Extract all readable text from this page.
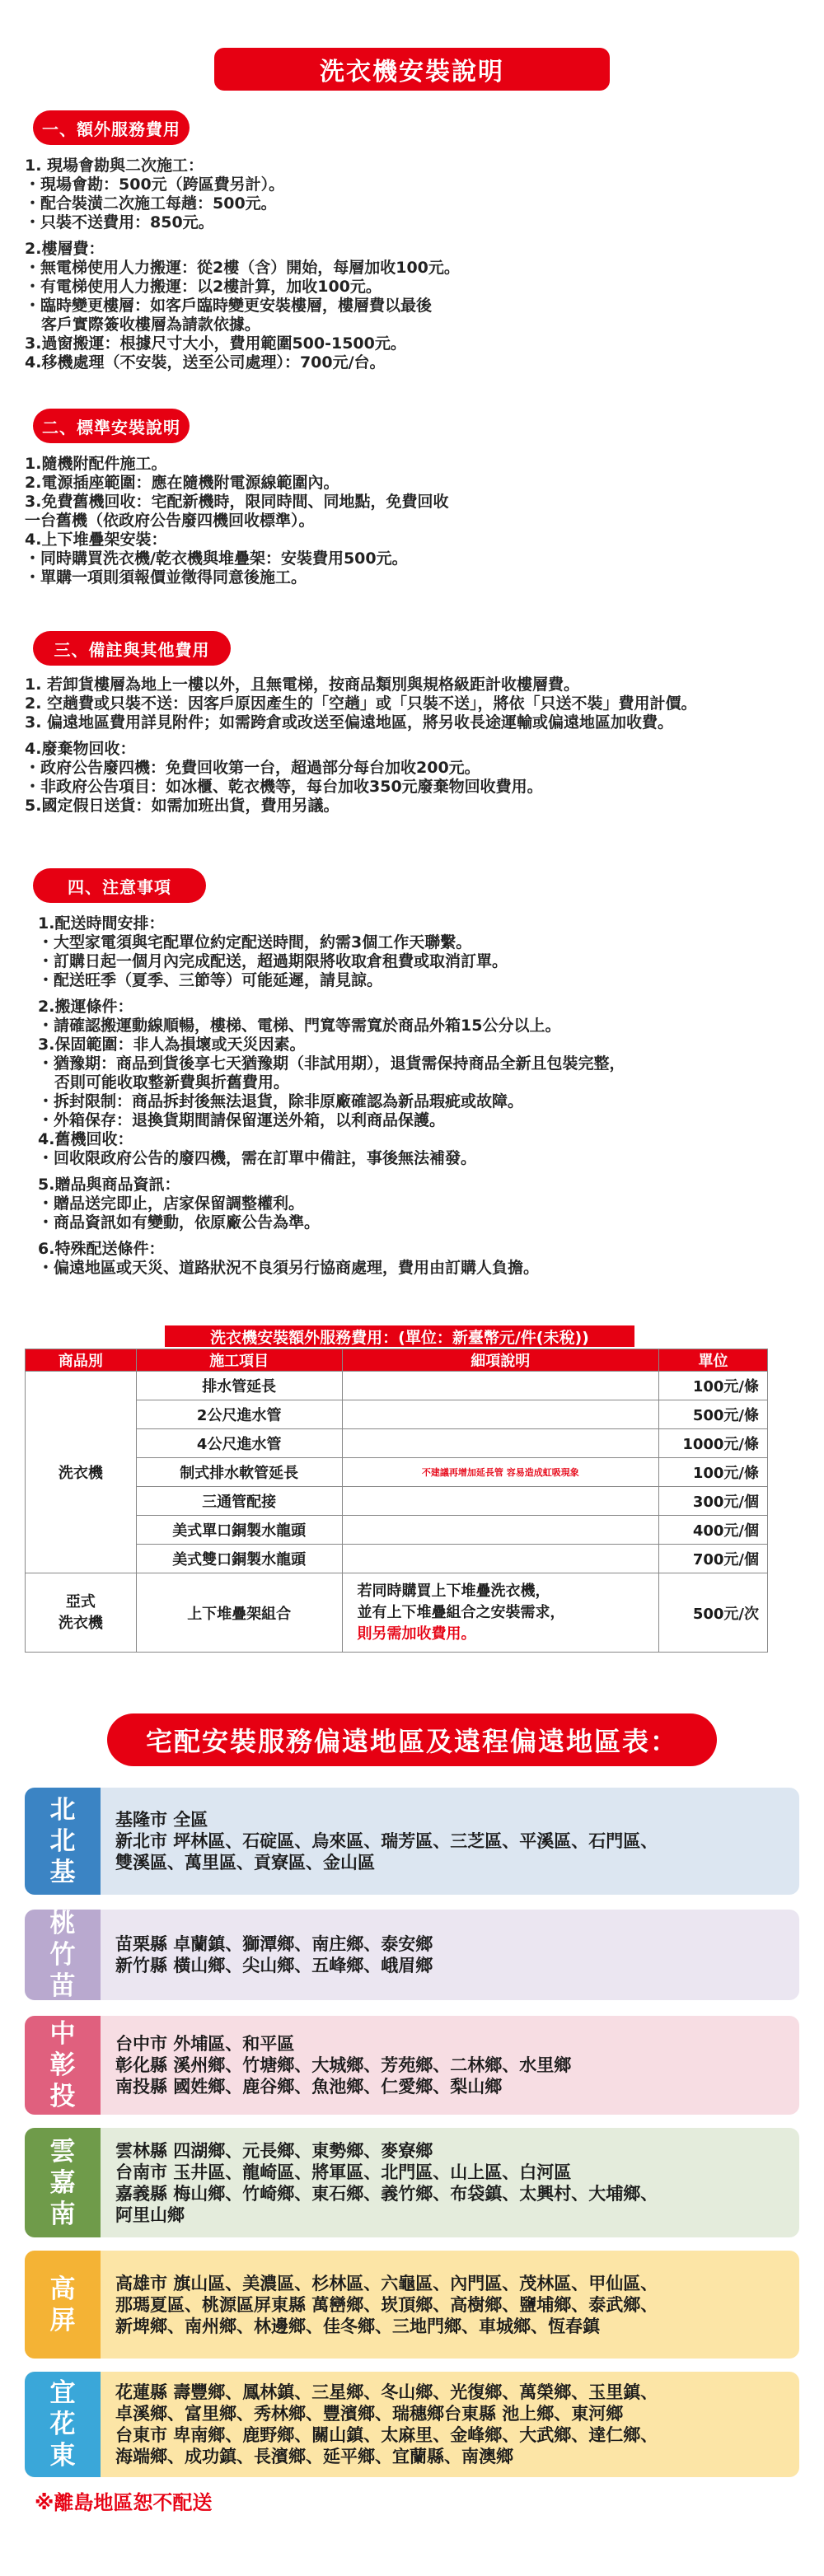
洗衣機安裝說明
一、額外服務費用
1. 現場會勘與二次施工：
・現場會勘：500元（跨區費另計）。
・配合裝潢二次施工每趟：500元。
・只裝不送費用：850元。
2.樓層費：
・無電梯使用人力搬運：從2樓（含）開始，每層加收100元。
・有電梯使用人力搬運：以2樓計算，加收100元。
・臨時變更樓層：如客戶臨時變更安裝樓層，樓層費以最後
客戶實際簽收樓層為請款依據。
3.過窗搬運：根據尺寸大小，費用範圍500-1500元。
4.移機處理（不安裝，送至公司處理）：700元/台。
二、標準安裝說明
1.隨機附配件施工。
2.電源插座範圍：應在隨機附電源線範圍內。
3.免費舊機回收：宅配新機時，限同時間、同地點，免費回收
一台舊機（依政府公告廢四機回收標準）。
4.上下堆疊架安裝：
・同時購買洗衣機/乾衣機與堆疊架：安裝費用500元。
・單購一項則須報價並徵得同意後施工。
三、備註與其他費用
1. 若卸貨樓層為地上一樓以外，且無電梯，按商品類別與規格級距計收樓層費。
2. 空趟費或只裝不送：因客戶原因產生的「空趟」或「只裝不送」，將依「只送不裝」費用計價。
3. 偏遠地區費用詳見附件；如需跨倉或改送至偏遠地區，將另收長途運輸或偏遠地區加收費。
4.廢棄物回收：
・政府公告廢四機：免費回收第一台，超過部分每台加收200元。
・非政府公告項目：如冰櫃、乾衣機等，每台加收350元廢棄物回收費用。
5.國定假日送貨：如需加班出貨，費用另議。
四、注意事項
1.配送時間安排：
・大型家電須與宅配單位約定配送時間，約需3個工作天聯繫。
・訂購日起一個月內完成配送，超過期限將收取倉租費或取消訂單。
・配送旺季（夏季、三節等）可能延遲，請見諒。
2.搬運條件：
・請確認搬運動線順暢，樓梯、電梯、門寬等需寬於商品外箱15公分以上。
3.保固範圍：非人為損壞或天災因素。
・猶豫期：商品到貨後享七天猶豫期（非試用期），退貨需保持商品全新且包裝完整，
否則可能收取整新費與折舊費用。
・拆封限制：商品拆封後無法退貨，除非原廠確認為新品瑕疵或故障。
・外箱保存：退換貨期間請保留運送外箱，以利商品保護。
4.舊機回收：
・回收限政府公告的廢四機，需在訂單中備註，事後無法補發。
5.贈品與商品資訊：
・贈品送完即止，店家保留調整權利。
・商品資訊如有變動，依原廠公告為準。
6.特殊配送條件：
・偏遠地區或天災、道路狀況不良須另行協商處理，費用由訂購人負擔。
洗衣機安裝額外服務費用：(單位：新臺幣元/件(未稅))
商品別	施工項目	細項說明	單位
洗衣機	排水管延長		100元/條
	2公尺進水管		500元/條
	4公尺進水管		1000元/條
	制式排水軟管延長	不建議再增加延長管 容易造成虹吸現象	100元/條
	三通管配接		300元/個
	美式單口銅製水龍頭		400元/個
	美式雙口銅製水龍頭		700元/個

亞式
洗衣機	上下堆疊架組合	若同時購買上下堆疊洗衣機，
並有上下堆疊組合之安裝需求，
則另需加收費用。	500元/次
宅配安裝服務偏遠地區及遠程偏遠地區表：
北
北
基
基隆市 全區
新北市 坪林區、石碇區、烏來區、瑞芳區、三芝區、平溪區、石門區、
雙溪區、萬里區、貢寮區、金山區
桃
竹
苗
苗栗縣 卓蘭鎮、獅潭鄉、南庄鄉、泰安鄉
新竹縣 橫山鄉、尖山鄉、五峰鄉、峨眉鄉
中
彰
投
台中市 外埔區、和平區
彰化縣 溪州鄉、竹塘鄉、大城鄉、芳苑鄉、二林鄉、水里鄉
南投縣 國姓鄉、鹿谷鄉、魚池鄉、仁愛鄉、梨山鄉
雲
嘉
南
雲林縣 四湖鄉、元長鄉、東勢鄉、麥寮鄉
台南市 玉井區、龍崎區、將軍區、北門區、山上區、白河區
嘉義縣 梅山鄉、竹崎鄉、東石鄉、義竹鄉、布袋鎮、太興村、大埔鄉、
阿里山鄉
高
屏
高雄市 旗山區、美濃區、杉林區、六龜區、內門區、茂林區、甲仙區、
那瑪夏區、桃源區屏東縣 萬巒鄉、崁頂鄉、高樹鄉、鹽埔鄉、泰武鄉、
新埤鄉、南州鄉、林邊鄉、佳冬鄉、三地門鄉、車城鄉、恆春鎮
宜
花
東
花蓮縣 壽豐鄉、鳳林鎮、三星鄉、冬山鄉、光復鄉、萬榮鄉、玉里鎮、
卓溪鄉、富里鄉、秀林鄉、豐濱鄉、瑞穗鄉台東縣 池上鄉、東河鄉
台東市 卑南鄉、鹿野鄉、關山鎮、太麻里、金峰鄉、大武鄉、達仁鄉、
海端鄉、成功鎮、長濱鄉、延平鄉、宜蘭縣、南澳鄉
※離島地區恕不配送
